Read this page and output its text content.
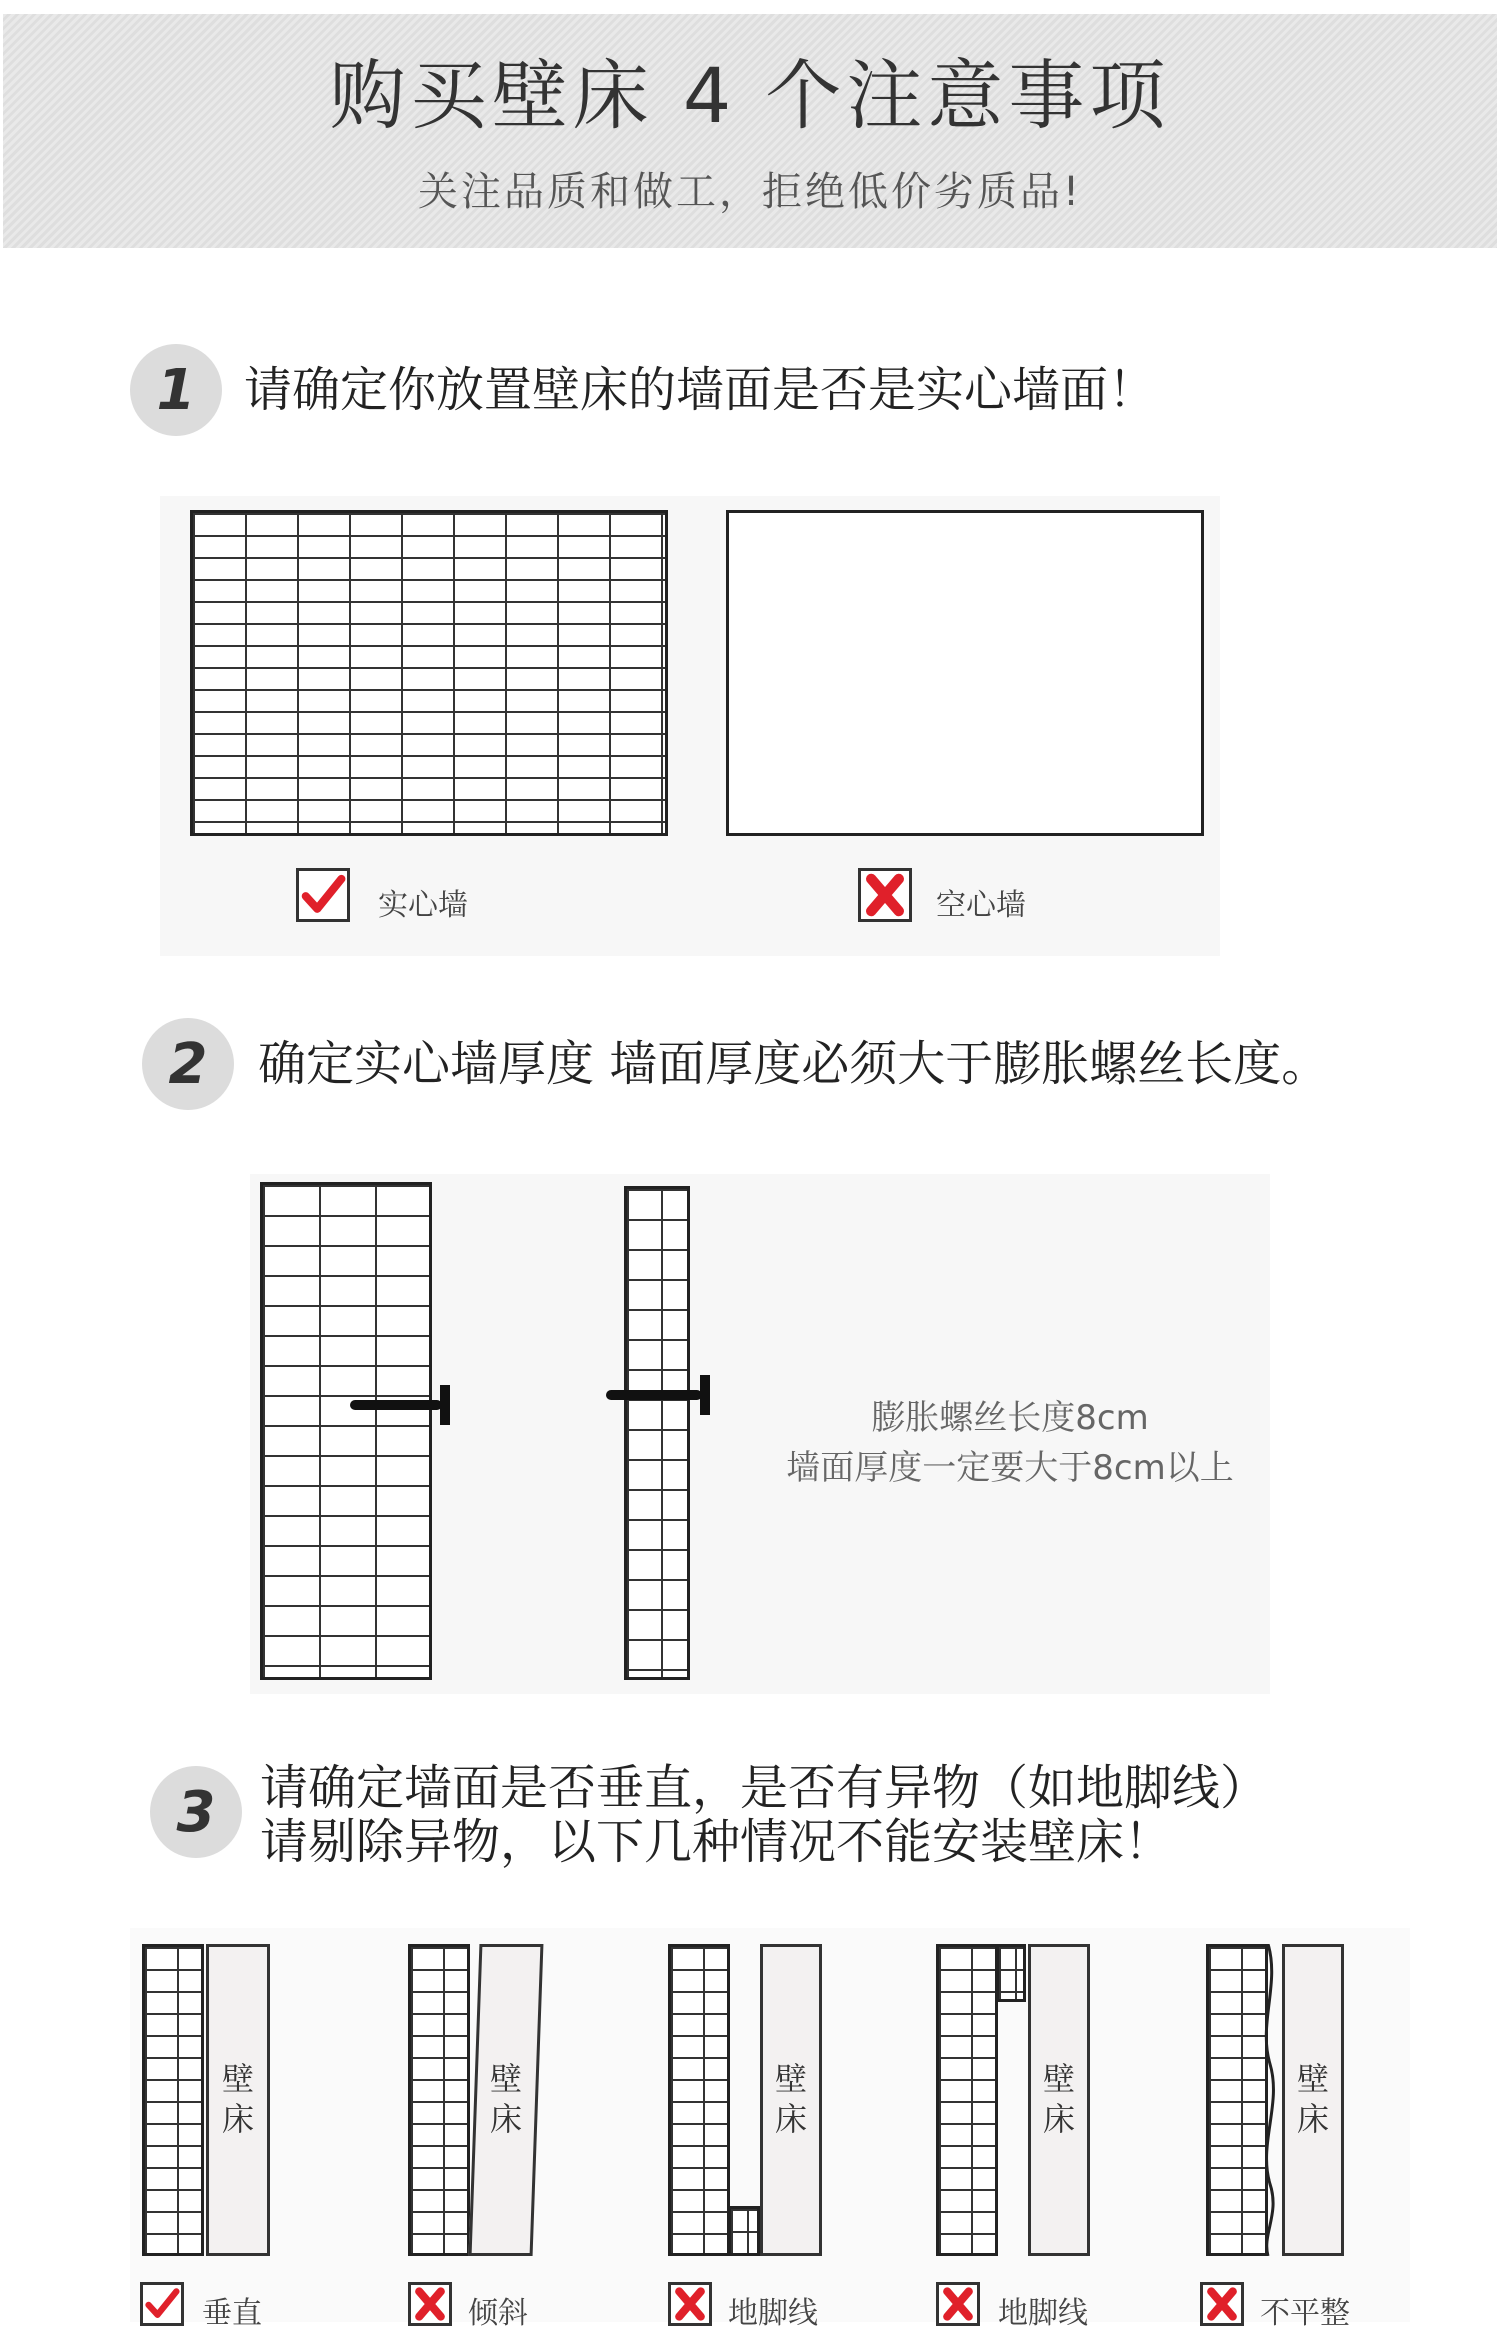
购买壁床 4 个注意事项
关注品质和做工，拒绝低价劣质品!
1	请确定你放置壁床的墙面是否是实心墙面！
实心墙	空心墙
2	确定实心墙厚度 墙面厚度必须大于膨胀螺丝长度。
膨胀螺丝长度8cm
墙面厚度一定要大于8cm以上
3 请确定墙面是否垂直，是否有异物（如地脚线）
请剔除异物，以下几种情况不能安装壁床！
壁
床
垂直
壁
床
倾斜
壁
床
地脚线
壁
床
地脚线
壁
床
不平整
